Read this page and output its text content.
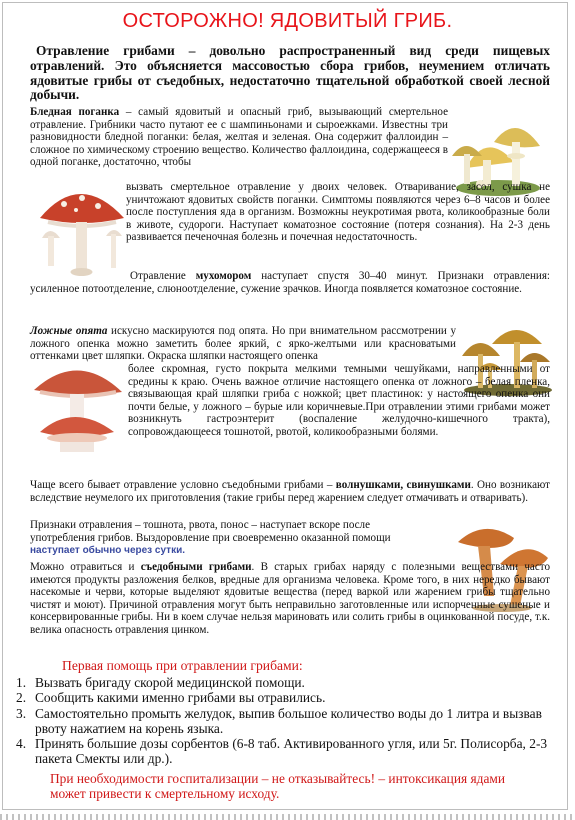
ОСТОРОЖНО! ЯДОВИТЫЙ ГРИБ.
Отравление грибами – довольно распространенный вид среди пищевых отравлений. Это объясняется массовостью сбора грибов, неумением отличать ядовитые грибы от съедобных, недостаточно тщательной обработкой своей лесной добычи.

Бледная поганка – самый ядовитый и опасный гриб, вызывающий смертельное отравление. Грибники часто путают ее с шампиньонами и сыроежками. Известны три разновидности бледной поганки: белая, желтая и зеленая. Она содержит фаллоидин – сложное по химическому строению вещество. Количество фаллоидина, содержащееся в одной поганке, достаточно, чтобы

вызвать смертельное отравление у двоих человек. Отваривание, засол, сушка не уничтожают ядовитых свойств поганки. Симптомы появляются через 6–8 часов и более после поступления яда в организм. Возможны неукротимая рвота, коликообразные боли в животе, судороги. Наступает коматозное состояние (потеря сознания). На 2-3 день развивается печеночная болезнь и почечная недостаточность.

Отравление мухомором наступает спустя 30–40 минут. Признаки отравления: усиленное потоотделение, слюноотделение, сужение зрачков. Иногда появляется коматозное состояние.

Ложные опята искусно маскируются под опята. Но при внимательном рассмотрении у ложного опенка можно заметить более яркий, с ярко-желтыми или красноватыми оттенками цвет шляпки. Окраска шляпки настоящего опенка

более скромная, густо покрыта мелкими темными чешуйками, направленными от средины к краю. Очень важное отличие настоящего опенка от ложного – белая пленка, связывающая край шляпки гриба с ножкой; цвет пластинок: у настоящего опенка они почти белые, у ложного – бурые или коричневые.При отравлении этими грибами может возникнуть гастроэнтерит (воспаление желудочно-кишечного тракта), сопровождающееся тошнотой, рвотой, коликообразными болями.

Чаще всего бывает отравление условно съедобными грибами – волнушками, свинушками. Оно возникают вследствие неумелого их приготовления (такие грибы перед жарением следует отмачивать и отваривать).

Признаки отравления – тошнота, рвота, понос – наступает вскоре после употребления грибов. Выздоровление при своевременно оказанной помощи

наступает обычно через сутки.

Можно отравиться и съедобными грибами. В старых грибах наряду с полезными веществами часто имеются продукты разложения белков, вредные для организма человека. Кроме того, в них нередко бывают насекомые и черви, которые выделяют ядовитые вещества (перед варкой или жарением грибы тщательно чистят и моют). Причиной отравления могут быть неправильно заготовленные или испорченные сушеные и консервированные грибы. Ни в коем случае нельзя мариновать или солить грибы в оцинкованной посуде, т.к. велика опасность отравления цинком.

Первая помощь при отравлении грибами:
1. Вызвать бригаду скорой медицинской помощи.
2. Сообщить какими именно грибами вы отравились.
3. Самостоятельно промыть желудок, выпив большое количество воды до 1 литра и вызвав рвоту нажатием на корень языка.
4. Принять большие дозы сорбентов (6-8 таб. Активированного угля, или 5г. Полисорба, 2-3 пакета Смекты или др.).
При необходимости госпитализации – не отказывайтесь! – интоксикация ядами может привести к смертельному исходу.
